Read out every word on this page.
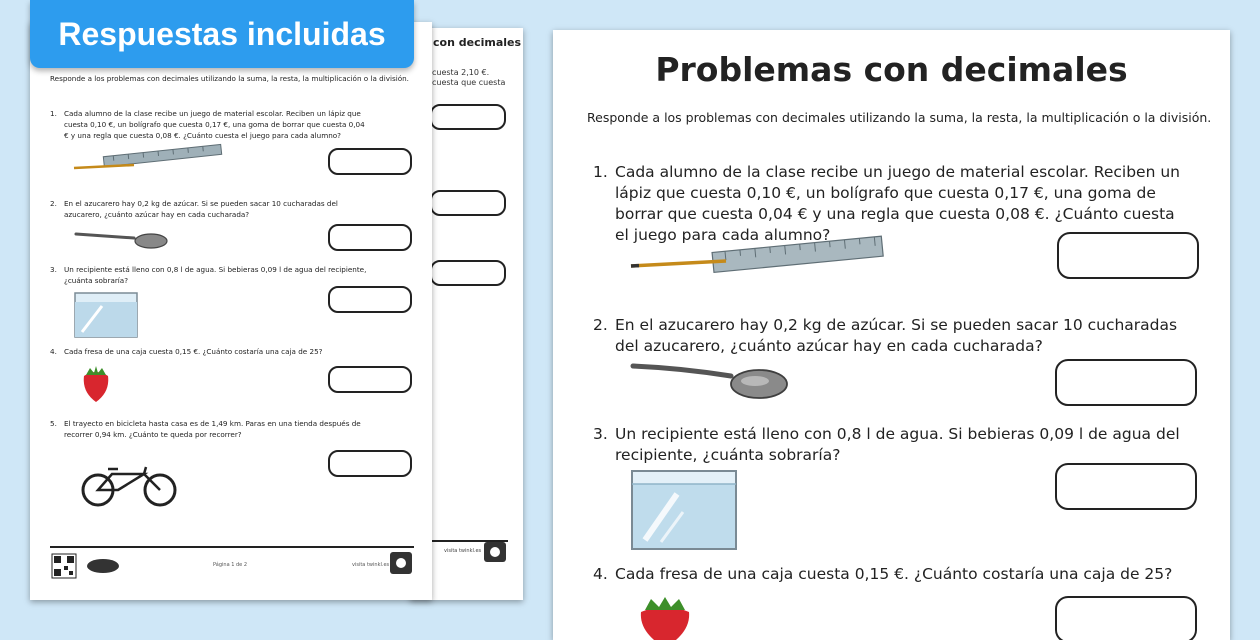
con decimales
cuesta 2,10 €.
cuesta que cuesta
visita twinkl.es
Responde a los problemas con decimales utilizando la suma, la resta, la multiplicación o la división.
1. Cada alumno de la clase recibe un juego de material escolar. Reciben un lápiz que cuesta 0,10 €, un bolígrafo que cuesta 0,17 €, una goma de borrar que cuesta 0,04 € y una regla que cuesta 0,08 €. ¿Cuánto cuesta el juego para cada alumno?
2. En el azucarero hay 0,2 kg de azúcar. Si se pueden sacar 10 cucharadas del azucarero, ¿cuánto azúcar hay en cada cucharada?
3. Un recipiente está lleno con 0,8 l de agua. Si bebieras 0,09 l de agua del recipiente, ¿cuánta sobraría?
4. Cada fresa de una caja cuesta 0,15 €. ¿Cuánto costaría una caja de 25?
5. El trayecto en bicicleta hasta casa es de 1,49 km. Paras en una tienda después de recorrer 0,94 km. ¿Cuánto te queda por recorrer?
Página 1 de 2	visita twinkl.es
Problemas con decimales
Responde a los problemas con decimales utilizando la suma, la resta, la multiplicación o la división.
1. Cada alumno de la clase recibe un juego de material escolar. Reciben un lápiz que cuesta 0,10 €, un bolígrafo que cuesta 0,17 €, una goma de borrar que cuesta 0,04 € y una regla que cuesta 0,08 €. ¿Cuánto cuesta el juego para cada alumno?
2. En el azucarero hay 0,2 kg de azúcar. Si se pueden sacar 10 cucharadas del azucarero, ¿cuánto azúcar hay en cada cucharada?
3. Un recipiente está lleno con 0,8 l de agua. Si bebieras 0,09 l de agua del recipiente, ¿cuánta sobraría?
4. Cada fresa de una caja cuesta 0,15 €. ¿Cuánto costaría una caja de 25?
Respuestas incluidas
